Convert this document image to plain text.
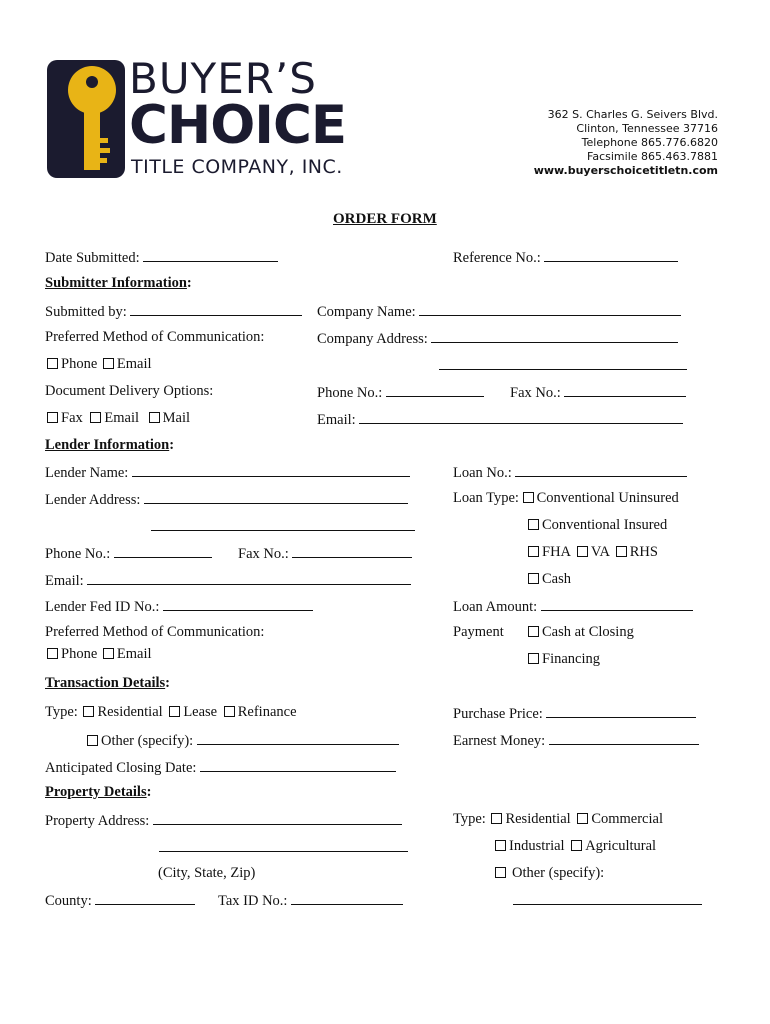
BUYER’S
CHOICE
TITLE COMPANY, INC.
362 S. Charles G. Seivers Blvd.
Clinton, Tennessee 37716
Telephone 865.776.6820
Facsimile 865.463.7881
www.buyerschoicetitletn.com
ORDER FORM
Date Submitted:	Reference No.:
Submitter Information:
Submitted by:	Company Name:
Preferred Method of Communication:	Company Address:
Phone Email
Document Delivery Options:	Phone No.:	Fax No.:
Fax Email Mail	Email:
Lender Information:
Lender Name:	Loan No.:
Lender Address:	Loan Type: Conventional Uninsured
Conventional Insured
Phone No.:	Fax No.:	FHA VA RHS
Email:	Cash
Lender Fed ID No.:	Loan Amount:
Preferred Method of Communication:	Payment	Cash at Closing
Phone Email	Financing
Transaction Details:
Type: Residential Lease Refinance	Purchase Price:
Other (specify):	Earnest Money:
Anticipated Closing Date:
Property Details:
Property Address:	Type: Residential Commercial
Industrial Agricultural
(City, State, Zip)	Other (specify):
County:	Tax ID No.:
